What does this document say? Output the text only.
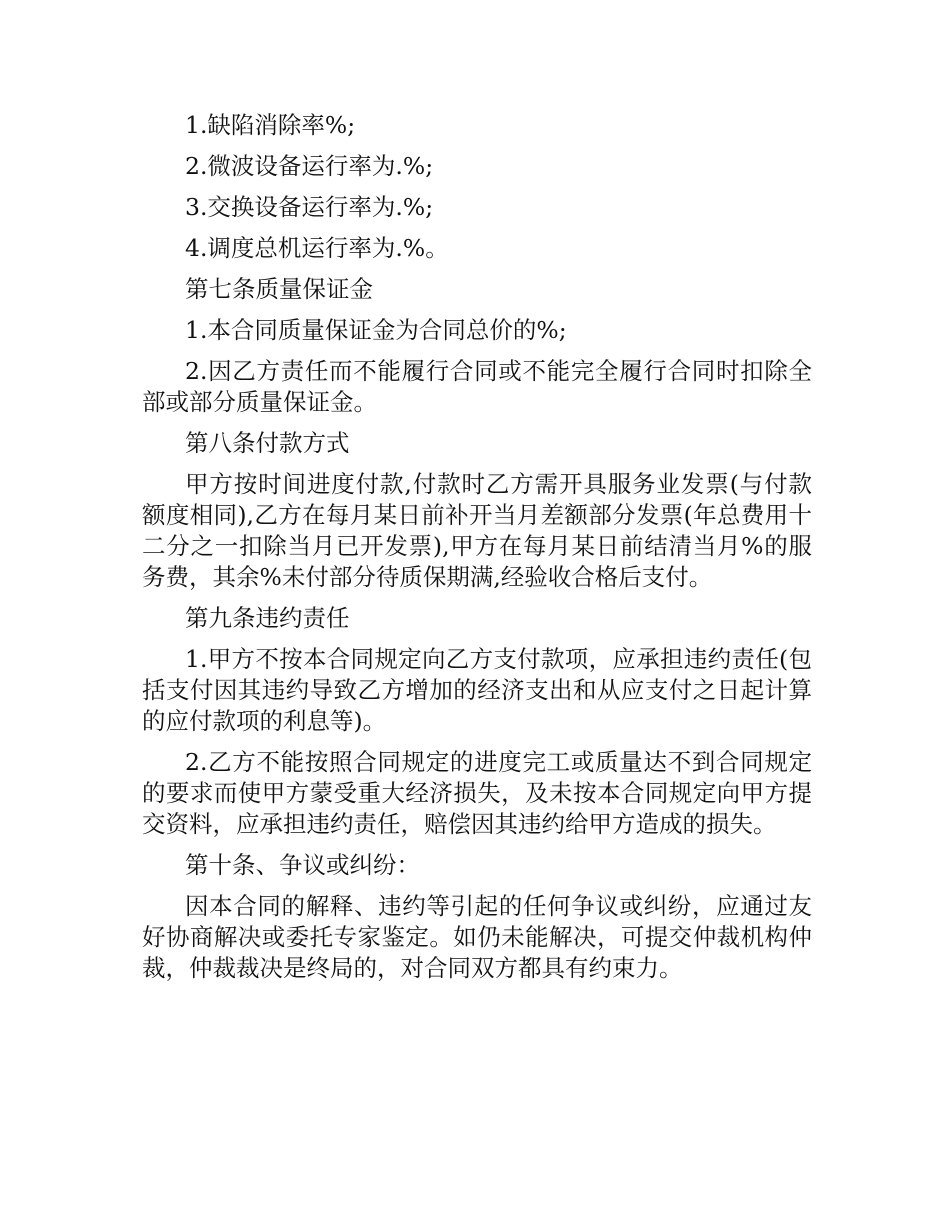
1.缺陷消除率%;

2.微波设备运行率为.%;

3.交换设备运行率为.%;

4.调度总机运行率为.%。

第七条质量保证金

1.本合同质量保证金为合同总价的%;

2.因乙方责任而不能履行合同或不能完全履行合同时扣除全部或部分质量保证金。

第八条付款方式

甲方按时间进度付款,付款时乙方需开具服务业发票(与付款额度相同),乙方在每月某日前补开当月差额部分发票(年总费用十二分之一扣除当月已开发票),甲方在每月某日前结清当月%的服务费，其余%未付部分待质保期满,经验收合格后支付。

第九条违约责任

1.甲方不按本合同规定向乙方支付款项，应承担违约责任(包括支付因其违约导致乙方增加的经济支出和从应支付之日起计算的应付款项的利息等)。

2.乙方不能按照合同规定的进度完工或质量达不到合同规定的要求而使甲方蒙受重大经济损失，及未按本合同规定向甲方提交资料，应承担违约责任，赔偿因其违约给甲方造成的损失。

第十条、争议或纠纷：

因本合同的解释、违约等引起的任何争议或纠纷，应通过友好协商解决或委托专家鉴定。如仍未能解决，可提交仲裁机构仲裁，仲裁裁决是终局的，对合同双方都具有约束力。
